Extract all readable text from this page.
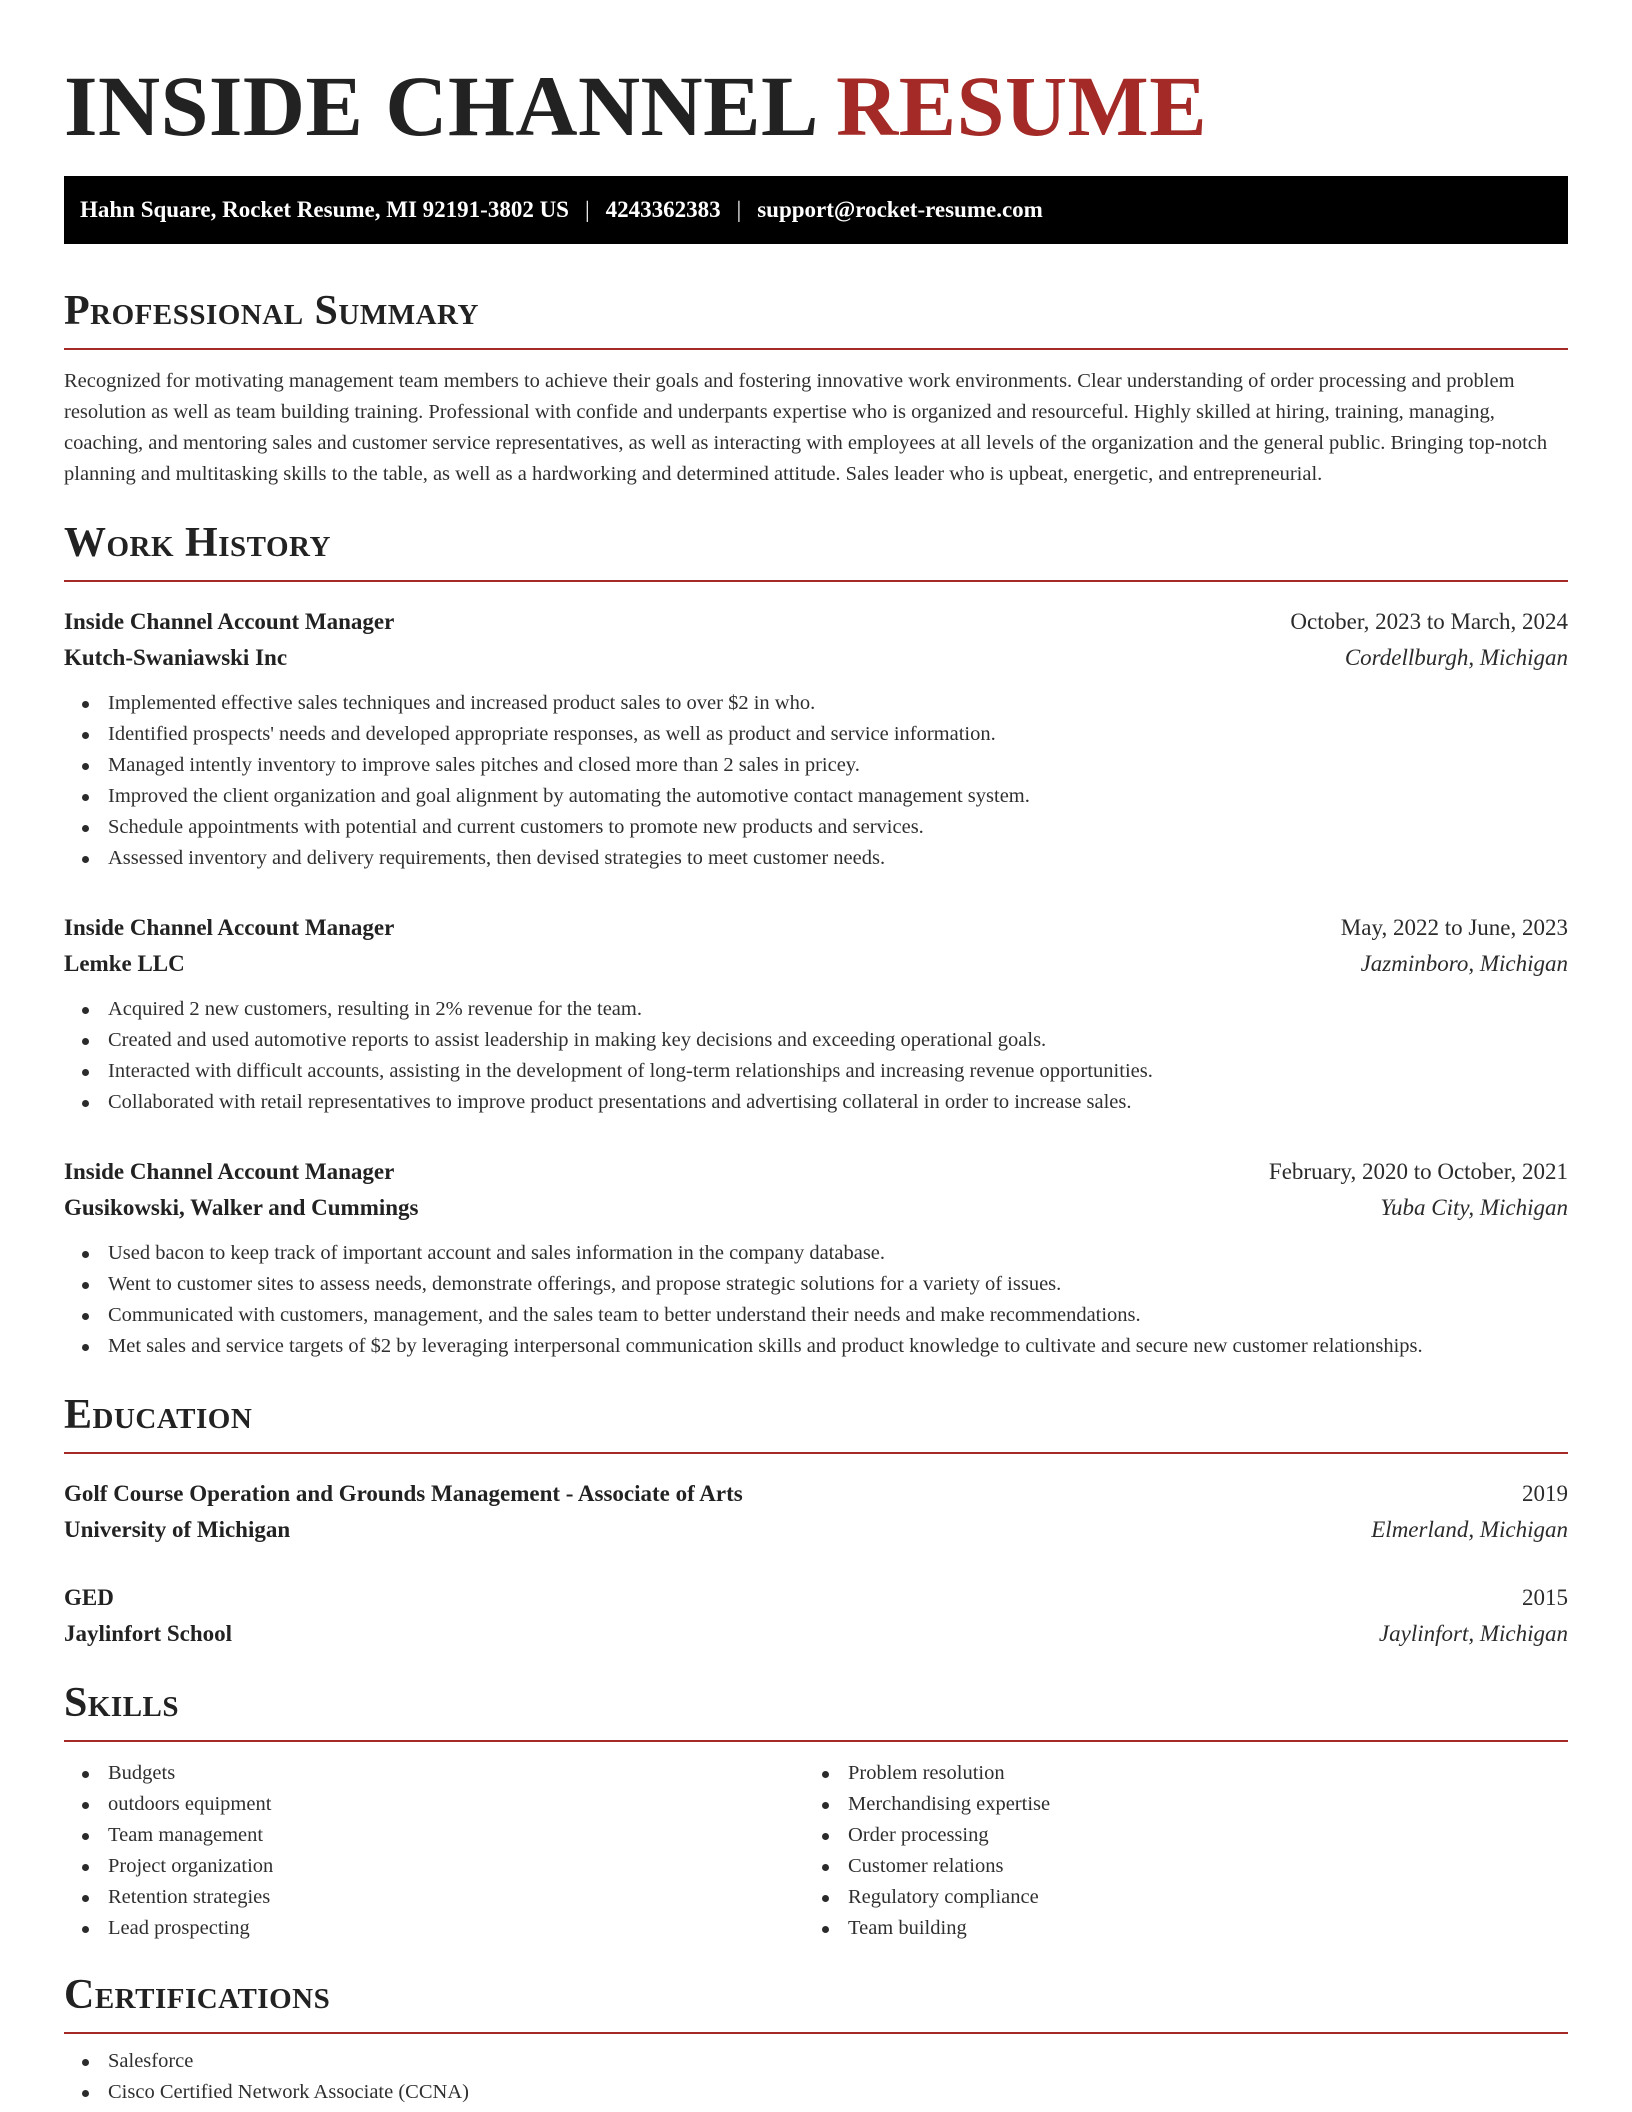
INSIDE CHANNEL RESUME
Hahn Square, Rocket Resume, MI 92191-3802 US | 4243362383 | support@rocket-resume.com
Professional Summary

Recognized for motivating management team members to achieve their goals and fostering innovative work environments. Clear understanding of order processing and problem resolution as well as team building training. Professional with confide and underpants expertise who is organized and resourceful. Highly skilled at hiring, training, managing, coaching, and mentoring sales and customer service representatives, as well as interacting with employees at all levels of the organization and the general public. Bringing top-notch planning and multitasking skills to the table, as well as a hardworking and determined attitude. Sales leader who is upbeat, energetic, and entrepreneurial.

Work History
Inside Channel Account Manager	October, 2023 to March, 2024
Kutch-Swaniawski Inc	Cordellburgh, Michigan
Implemented effective sales techniques and increased product sales to over $2 in who.
Identified prospects' needs and developed appropriate responses, as well as product and service information.
Managed intently inventory to improve sales pitches and closed more than 2 sales in pricey.
Improved the client organization and goal alignment by automating the automotive contact management system.
Schedule appointments with potential and current customers to promote new products and services.
Assessed inventory and delivery requirements, then devised strategies to meet customer needs.
Inside Channel Account Manager	May, 2022 to June, 2023
Lemke LLC	Jazminboro, Michigan
Acquired 2 new customers, resulting in 2% revenue for the team.
Created and used automotive reports to assist leadership in making key decisions and exceeding operational goals.
Interacted with difficult accounts, assisting in the development of long-term relationships and increasing revenue opportunities.
Collaborated with retail representatives to improve product presentations and advertising collateral in order to increase sales.
Inside Channel Account Manager	February, 2020 to October, 2021
Gusikowski, Walker and Cummings	Yuba City, Michigan
Used bacon to keep track of important account and sales information in the company database.
Went to customer sites to assess needs, demonstrate offerings, and propose strategic solutions for a variety of issues.
Communicated with customers, management, and the sales team to better understand their needs and make recommendations.
Met sales and service targets of $2 by leveraging interpersonal communication skills and product knowledge to cultivate and secure new customer relationships.
Education
Golf Course Operation and Grounds Management - Associate of Arts	2019
University of Michigan	Elmerland, Michigan
GED	2015
Jaylinfort School	Jaylinfort, Michigan
Skills
Budgets
outdoors equipment
Team management
Project organization
Retention strategies
Lead prospecting
Problem resolution
Merchandising expertise
Order processing
Customer relations
Regulatory compliance
Team building
Certifications
Salesforce
Cisco Certified Network Associate (CCNA)
